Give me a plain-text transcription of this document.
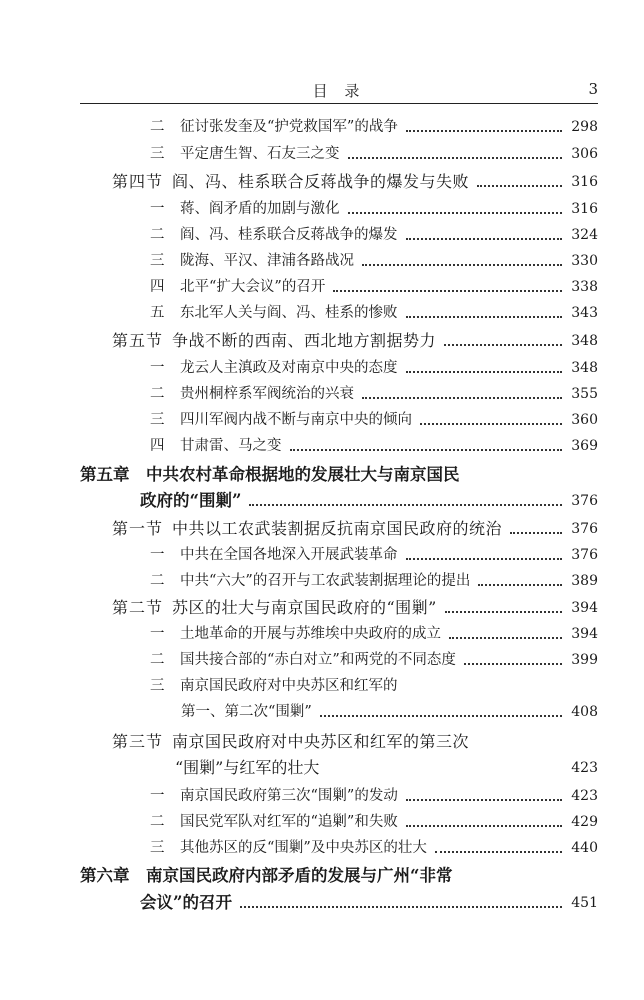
目 录	3
二	征讨张发奎及“护党救国军”的战争	298
三	平定唐生智、石友三之变	306
第四节 阎、冯、桂系联合反蒋战争的爆发与失败	316
一	蒋、阎矛盾的加剧与激化	316
二	阎、冯、桂系联合反蒋战争的爆发	324
三	陇海、平汉、津浦各路战况	330
四	北平“扩大会议”的召开	338
五	东北军人关与阎、冯、桂系的惨败	343
第五节 争战不断的西南、西北地方割据势力	348
一	龙云人主滇政及对南京中央的态度	348
二	贵州桐梓系军阀统治的兴衰	355
三	四川军阀内战不断与南京中央的倾向	360
四	甘肃雷、马之变	369
第五章	中共农村革命根据地的发展壮大与南京国民
政府的“围剿”	376
第一节 中共以工农武装割据反抗南京国民政府的统治	376
一	中共在全国各地深入开展武装革命	376
二	中共“六大”的召开与工农武装割据理论的提出	389
第二节 苏区的壮大与南京国民政府的“围剿”	394
一	土地革命的开展与苏维埃中央政府的成立	394
二	国共接合部的“赤白对立”和两党的不同态度	399
三	南京国民政府对中央苏区和红军的
第一、第二次“围剿”	408
第三节 南京国民政府对中央苏区和红军的第三次
“围剿”与红军的壮大	423
一	南京国民政府第三次“围剿”的发动	423
二	国民党军队对红军的“追剿”和失败	429
三	其他苏区的反“围剿”及中央苏区的壮大	440
第六章	南京国民政府内部矛盾的发展与广州“非常
会议”的召开	451
